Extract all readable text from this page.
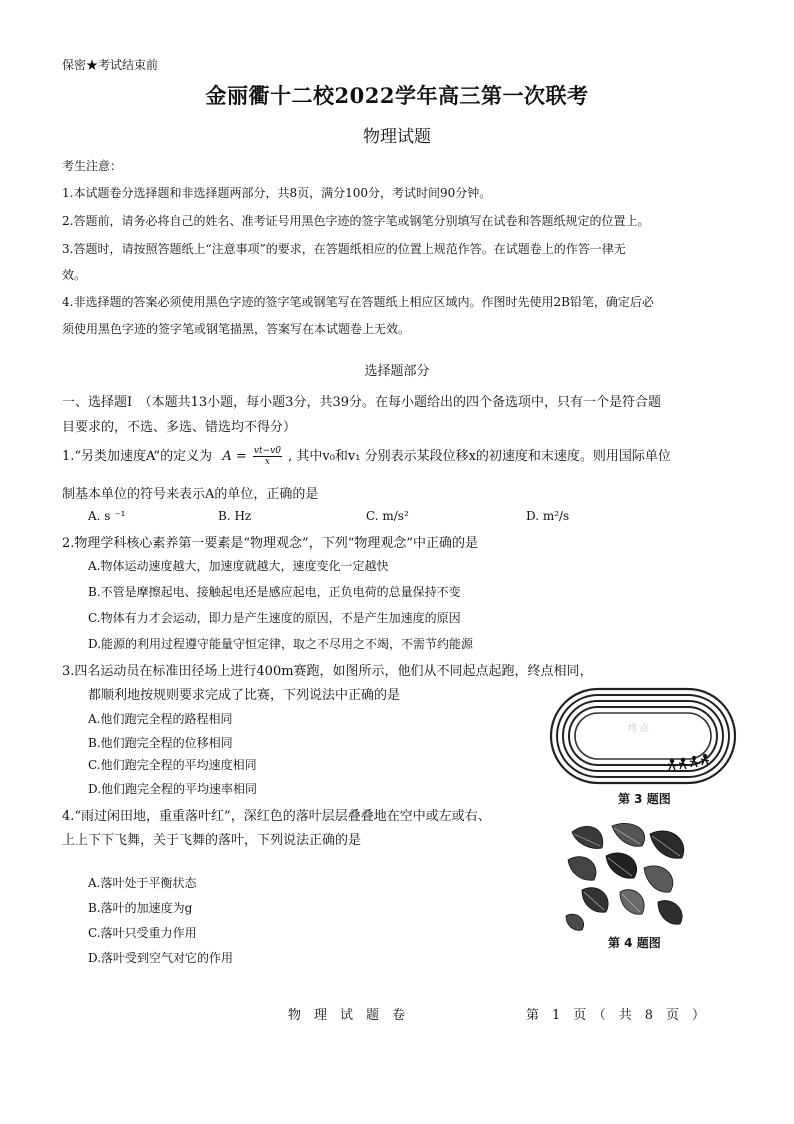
保密★考试结束前
金丽衢十二校2022学年高三第一次联考
物理试题
考生注意：
1.本试题卷分选择题和非选择题两部分，共8页，满分100分，考试时间90分钟。
2.答题前，请务必将自己的姓名、准考证号用黑色字迹的签字笔或钢笔分别填写在试卷和答题纸规定的位置上。
3.答题时，请按照答题纸上“注意事项”的要求，在答题纸相应的位置上规范作答。在试题卷上的作答一律无
效。
4.非选择题的答案必须使用黑色字迹的签字笔或钢笔写在答题纸上相应区域内。作图时先使用2B铅笔，确定后必
须使用黑色字迹的签字笔或钢笔描黑，答案写在本试题卷上无效。
选择题部分
一、选择题Ⅰ　（本题共13小题，每小题3分，共39分。在每小题给出的四个备选项中，只有一个是符合题
目要求的，不选、多选、错选均不得分）
1.“另类加速度A”的定义为 $A = \frac{vt-v0}{x}$ , 其中v₀和v₁ 分别表示某段位移x的初速度和末速度。则用国际单位
制基本单位的符号来表示A的单位，正确的是
A. s ⁻¹	B. Hz	C. m/s²	D. m²/s
2.物理学科核心素养第一要素是“物理观念”，下列“物理观念”中正确的是
A.物体运动速度越大，加速度就越大，速度变化一定越快
B.不管是摩擦起电、接触起电还是感应起电，正负电荷的总量保持不变
C.物体有力才会运动，即力是产生速度的原因，不是产生加速度的原因
D.能源的利用过程遵守能量守恒定律，取之不尽用之不竭，不需节约能源
3.四名运动员在标准田径场上进行400m赛跑，如图所示，他们从不同起点起跑，终点相同，
都顺利地按规则要求完成了比赛，下列说法中正确的是
A.他们跑完全程的路程相同
B.他们跑完全程的位移相同
C.他们跑完全程的平均速度相同
D.他们跑完全程的平均速率相同
终 点
第 3 题图
4.“雨过闲田地，重重落叶红”，深红色的落叶层层叠叠地在空中或左或右、
上上下下飞舞，关于飞舞的落叶，下列说法正确的是
A.落叶处于平衡状态
B.落叶的加速度为g
C.落叶只受重力作用
D.落叶受到空气对它的作用
第 4 题图
物　理　试　题　卷	第　1　页　（　共　8　页　）
